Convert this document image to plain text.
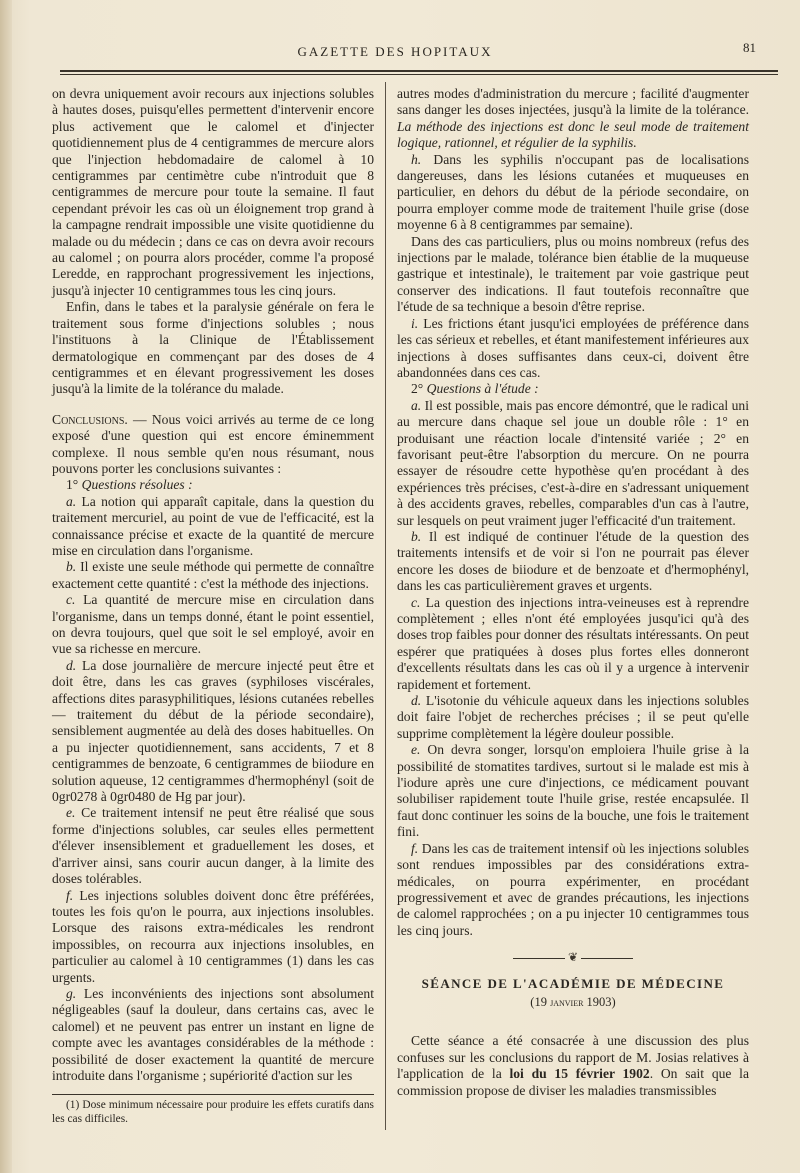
GAZETTE DES HOPITAUX	81

on devra uniquement avoir recours aux injections solubles à hautes doses, puisqu'elles permettent d'intervenir encore plus activement que le calomel et d'injecter quotidiennement plus de 4 centigrammes de mercure alors que l'injection hebdomadaire de calomel à 10 centigrammes par centimètre cube n'introduit que 8 centigrammes de mercure pour toute la semaine. Il faut cependant prévoir les cas où un éloignement trop grand à la campagne rendrait impossible une visite quotidienne du malade ou du médecin ; dans ce cas on devra avoir recours au calomel ; on pourra alors procéder, comme l'a proposé Leredde, en rapprochant progressivement les injections, jusqu'à injecter 10 centigrammes tous les cinq jours.

Enfin, dans le tabes et la paralysie générale on fera le traitement sous forme d'injections solubles ; nous l'instituons à la Clinique de l'Établissement dermatologique en commençant par des doses de 4 centigrammes et en élevant progressivement les doses jusqu'à la limite de la tolérance du malade.

Conclusions. — Nous voici arrivés au terme de ce long exposé d'une question qui est encore éminemment complexe. Il nous semble qu'en nous résumant, nous pouvons porter les conclusions suivantes :

1° Questions résolues :

a. La notion qui apparaît capitale, dans la question du traitement mercuriel, au point de vue de l'efficacité, est la connaissance précise et exacte de la quantité de mercure mise en circulation dans l'organisme.

b. Il existe une seule méthode qui permette de connaître exactement cette quantité : c'est la méthode des injections.

c. La quantité de mercure mise en circulation dans l'organisme, dans un temps donné, étant le point essentiel, on devra toujours, quel que soit le sel employé, avoir en vue sa richesse en mercure.

d. La dose journalière de mercure injecté peut être et doit être, dans les cas graves (syphiloses viscérales, affections dites parasyphilitiques, lésions cutanées rebelles — traitement du début de la période secondaire), sensiblement augmentée au delà des doses habituelles. On a pu injecter quotidiennement, sans accidents, 7 et 8 centigrammes de benzoate, 6 centigrammes de biiodure en solution aqueuse, 12 centigrammes d'hermophényl (soit de 0gr0278 à 0gr0480 de Hg par jour).

e. Ce traitement intensif ne peut être réalisé que sous forme d'injections solubles, car seules elles permettent d'élever insensiblement et graduellement les doses, et d'arriver ainsi, sans courir aucun danger, à la limite des doses tolérables.

f. Les injections solubles doivent donc être préférées, toutes les fois qu'on le pourra, aux injections insolubles. Lorsque des raisons extra-médicales les rendront impossibles, on recourra aux injections insolubles, en particulier au calomel à 10 centigrammes (1) dans les cas urgents.

g. Les inconvénients des injections sont absolument négligeables (sauf la douleur, dans certains cas, avec le calomel) et ne peuvent pas entrer un instant en ligne de compte avec les avantages considérables de la méthode : possibilité de doser exactement la quantité de mercure introduite dans l'organisme ; supériorité d'action sur les

(1) Dose minimum nécessaire pour produire les effets curatifs dans les cas difficiles.

autres modes d'administration du mercure ; facilité d'augmenter sans danger les doses injectées, jusqu'à la limite de la tolérance. La méthode des injections est donc le seul mode de traitement logique, rationnel, et régulier de la syphilis.

h. Dans les syphilis n'occupant pas de localisations dangereuses, dans les lésions cutanées et muqueuses en particulier, en dehors du début de la période secondaire, on pourra employer comme mode de traitement l'huile grise (dose moyenne 6 à 8 centigrammes par semaine).

Dans des cas particuliers, plus ou moins nombreux (refus des injections par le malade, tolérance bien établie de la muqueuse gastrique et intestinale), le traitement par voie gastrique peut conserver des indications. Il faut toutefois reconnaître que l'étude de sa technique a besoin d'être reprise.

i. Les frictions étant jusqu'ici employées de préférence dans les cas sérieux et rebelles, et étant manifestement inférieures aux injections à doses suffisantes dans ceux-ci, doivent être abandonnées dans ces cas.

2° Questions à l'étude :

a. Il est possible, mais pas encore démontré, que le radical uni au mercure dans chaque sel joue un double rôle : 1° en produisant une réaction locale d'intensité variée ; 2° en favorisant peut-être l'absorption du mercure. On ne pourra essayer de résoudre cette hypothèse qu'en procédant à des expériences très précises, c'est-à-dire en s'adressant uniquement à des accidents graves, rebelles, comparables d'un cas à l'autre, sur lesquels on peut vraiment juger l'efficacité d'un traitement.

b. Il est indiqué de continuer l'étude de la question des traitements intensifs et de voir si l'on ne pourrait pas élever encore les doses de biiodure et de benzoate et d'hermophényl, dans les cas particulièrement graves et urgents.

c. La question des injections intra-veineuses est à reprendre complètement ; elles n'ont été employées jusqu'ici qu'à des doses trop faibles pour donner des résultats intéressants. On peut espérer que pratiquées à doses plus fortes elles donneront d'excellents résultats dans les cas où il y a urgence à intervenir rapidement et fortement.

d. L'isotonie du véhicule aqueux dans les injections solubles doit faire l'objet de recherches précises ; il se peut qu'elle supprime complètement la légère douleur possible.

e. On devra songer, lorsqu'on emploiera l'huile grise à la possibilité de stomatites tardives, surtout si le malade est mis à l'iodure après une cure d'injections, ce médicament pouvant solubiliser rapidement toute l'huile grise, restée encapsulée. Il faut donc continuer les soins de la bouche, une fois le traitement fini.

f. Dans les cas de traitement intensif où les injections solubles sont rendues impossibles par des considérations extra-médicales, on pourra expérimenter, en procédant progressivement et avec de grandes précautions, les injections de calomel rapprochées ; on a pu injecter 10 centigrammes tous les cinq jours.

❦
SÉANCE DE L'ACADÉMIE DE MÉDECINE
(19 janvier 1903)

Cette séance a été consacrée à une discussion des plus confuses sur les conclusions du rapport de M. Josias relatives à l'application de la loi du 15 février 1902. On sait que la commission propose de diviser les maladies transmissibles
